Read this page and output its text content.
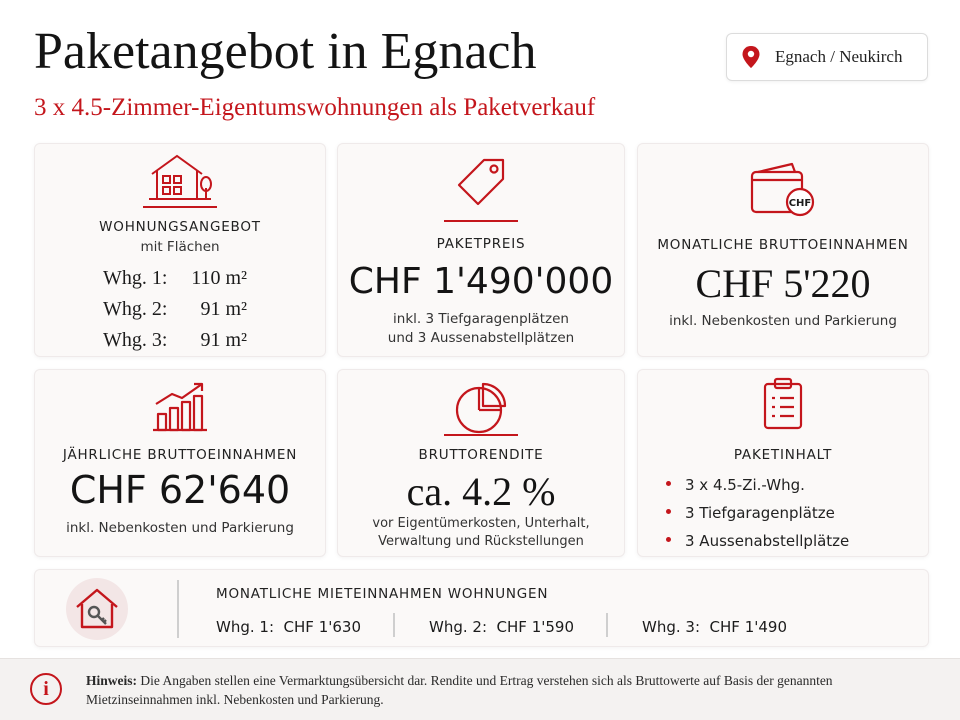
Paketangebot in Egnach
3 x 4.5-Zimmer-Eigentumswohnungen als Paketverkauf
Egnach / Neukirch
WOHNUNGSANGEBOT
mit Flächen
Whg. 1: 110 m²
Whg. 2: 91 m²
Whg. 3: 91 m²
PAKETPREIS
CHF 1'490'000
inkl. 3 Tiefgaragenplätzen
und 3 Aussenabstellplätzen
CHF
MONATLICHE BRUTTOEINNAHMEN
CHF 5'220
inkl. Nebenkosten und Parkierung
JÄHRLICHE BRUTTOEINNAHMEN
CHF 62'640
inkl. Nebenkosten und Parkierung
BRUTTORENDITE
ca. 4.2 %
vor Eigentümerkosten, Unterhalt,
Verwaltung und Rückstellungen
PAKETINHALT
3 x 4.5-Zi.-Whg.
3 Tiefgaragenplätze
3 Aussenabstellplätze
MONATLICHE MIETEINNAHMEN WOHNUNGEN
Whg. 1: CHF 1'630	Whg. 2: CHF 1'590	Whg. 3: CHF 1'490
i	Hinweis: Die Angaben stellen eine Vermarktungsübersicht dar. Rendite und Ertrag verstehen sich als Bruttowerte auf Basis der genannten Mietzinseinnahmen inkl. Nebenkosten und Parkierung.
